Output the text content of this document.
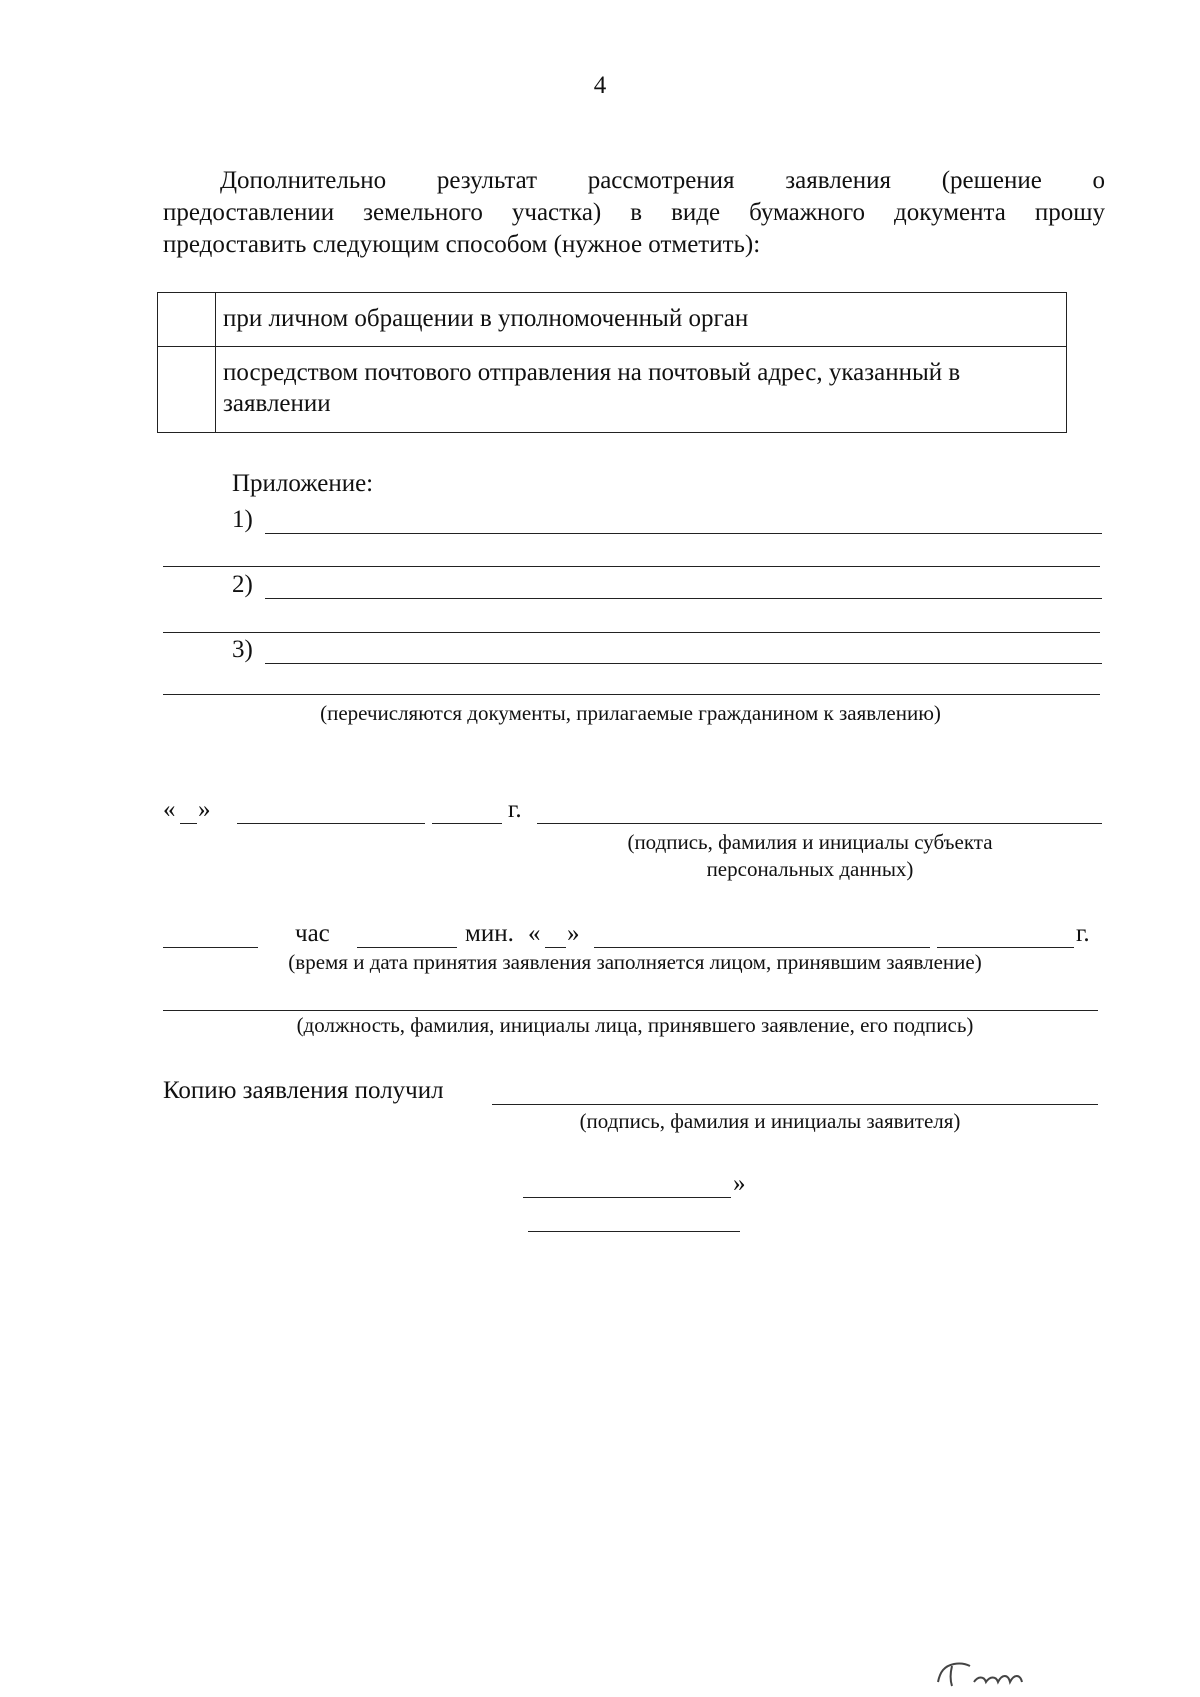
4
Дополнительно результат рассмотрения заявления (решение о
предоставлении земельного участка) в виде бумажного документа прошу
предоставить следующим способом (нужное отметить):
	при личном обращении в уполномоченный орган
	посредством почтового отправления на почтовый адрес, указанный в заявлении
Приложение:
1)
2)
3)
(перечисляются документы, прилагаемые гражданином к заявлению)
« »	г.
(подпись, фамилия и инициалы субъекта
персональных данных)
час	мин. « »	г.
(время и дата принятия заявления заполняется лицом, принявшим заявление)
(должность, фамилия, инициалы лица, принявшего заявление, его подпись)
Копию заявления получил
(подпись, фамилия и инициалы заявителя)
»
